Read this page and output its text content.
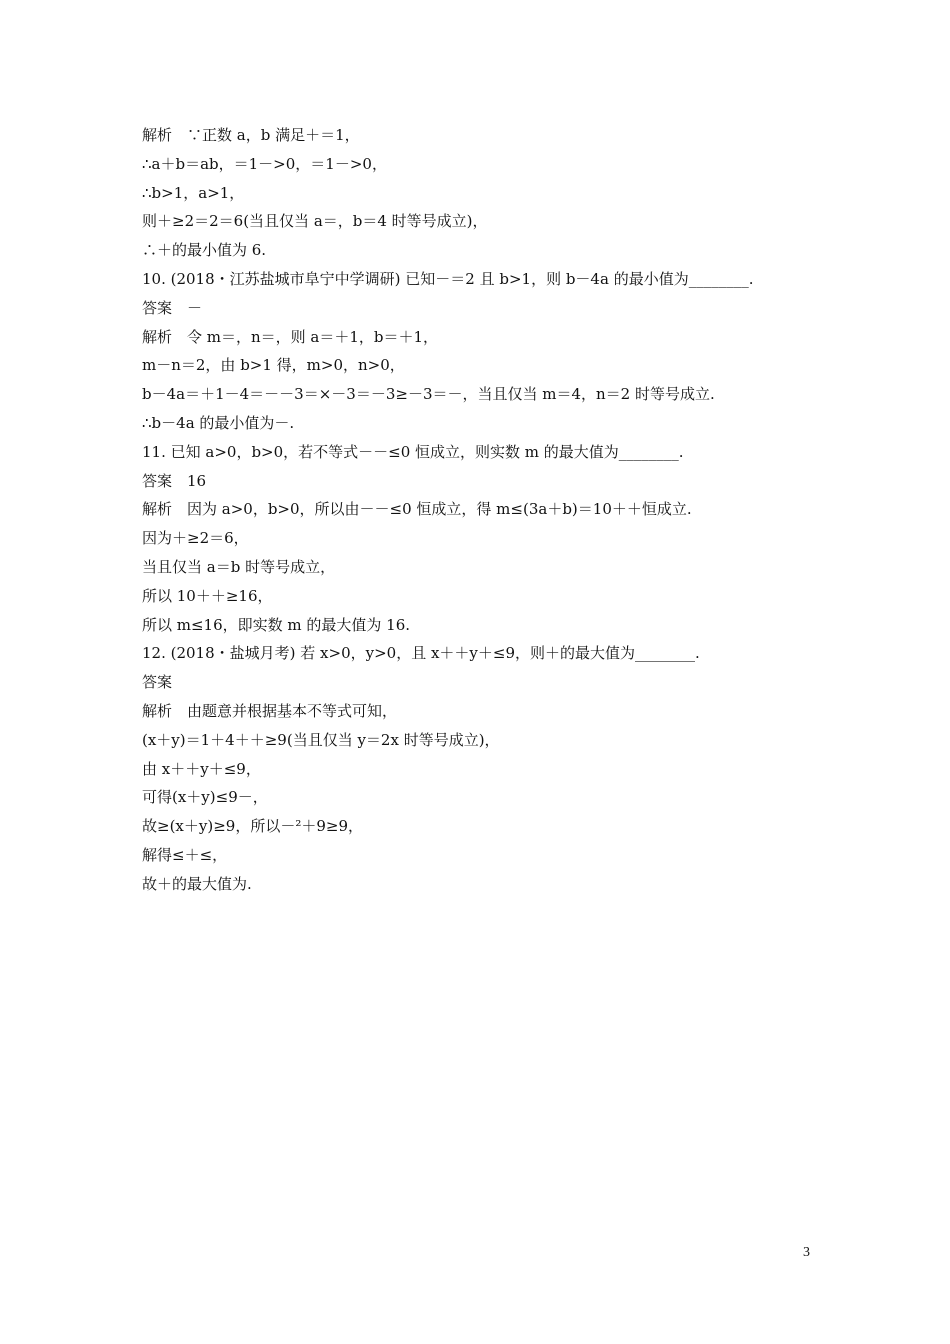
解析　∵正数 a，b 满足＋＝1，
∴a＋b＝ab，＝1－>0，＝1－>0，
∴b>1，a>1，
则＋≥2＝2＝6(当且仅当 a＝，b＝4 时等号成立)，
∴＋的最小值为 6.
10. (2018・江苏盐城市阜宁中学调研) 已知－＝2 且 b>1，则 b－4a 的最小值为________.
答案　－
解析　令 m＝，n＝，则 a＝＋1，b＝＋1，
m－n＝2，由 b>1 得，m>0，n>0，
b－4a＝＋1－4＝－－3＝×－3＝－3≥－3＝－，当且仅当 m＝4，n＝2 时等号成立.
∴b－4a 的最小值为－.
11. 已知 a>0，b>0，若不等式－－≤0 恒成立，则实数 m 的最大值为________.
答案　16
解析　因为 a>0，b>0，所以由－－≤0 恒成立，得 m≤(3a＋b)＝10＋＋恒成立.
因为＋≥2＝6，
当且仅当 a＝b 时等号成立，
所以 10＋＋≥16，
所以 m≤16，即实数 m 的最大值为 16.
12. (2018・盐城月考) 若 x>0，y>0，且 x＋＋y＋≤9，则＋的最大值为________.
答案
解析　由题意并根据基本不等式可知，
(x＋y)＝1＋4＋＋≥9(当且仅当 y＝2x 时等号成立)，
由 x＋＋y＋≤9，
可得(x＋y)≤9－，
故≥(x＋y)≥9，所以－²＋9≥9，
解得≤＋≤，
故＋的最大值为.
3
